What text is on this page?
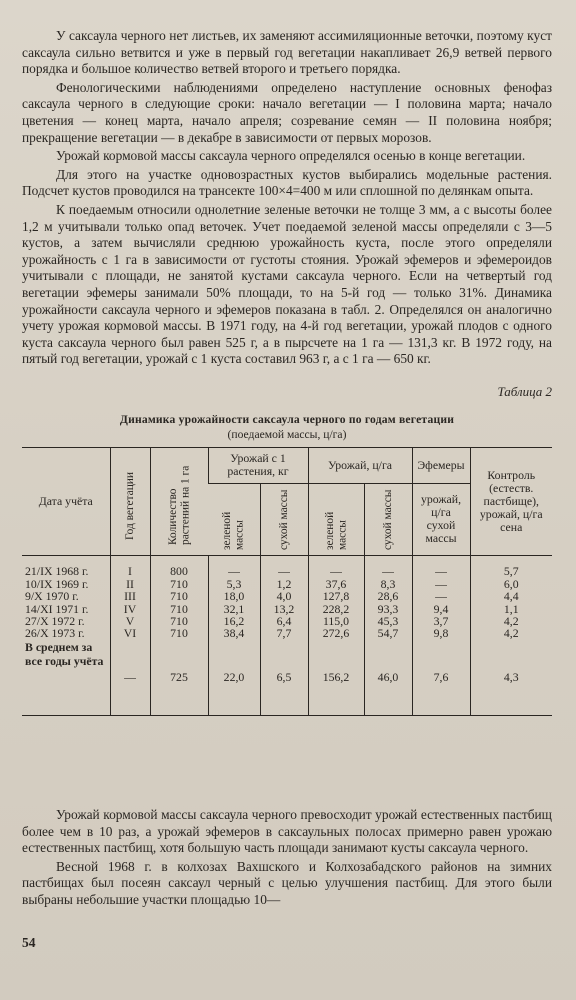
У саксаула черного нет листьев, их заменяют ассимиляционные веточки, поэтому куст саксаула сильно ветвится и уже в первый год вегетации накапливает 26,9 ветвей первого порядка и большое количество ветвей второго и третьего порядка.

Фенологическими наблюдениями определено наступление основных фенофаз саксаула черного в следующие сроки: начало вегетации — I половина марта; начало цветения — конец марта, начало апреля; созревание семян — II половина ноября; прекращение вегетации — в декабре в зависимости от первых морозов.

Урожай кормовой массы саксаула черного определялся осенью в конце вегетации.

Для этого на участке одновозрастных кустов выбирались модельные растения. Подсчет кустов проводился на трансекте 100×4=400 м или сплошной по делянкам опыта.

К поедаемым относили однолетние зеленые веточки не толще 3 мм, а с высоты более 1,2 м учитывали только опад веточек. Учет поедаемой зеленой массы определяли с 3—5 кустов, а затем вычисляли среднюю урожайность куста, после этого определяли урожайность с 1 га в зависимости от густоты стояния. Урожай эфемеров и эфемероидов учитывали с площади, не занятой кустами саксаула черного. Если на четвертый год вегетации эфемеры занимали 50% площади, то на 5-й год — только 31%. Динамика урожайности саксаула черного и эфемеров показана в табл. 2. Определялся он аналогично учету урожая кормовой массы. В 1971 году, на 4-й год вегетации, урожай плодов с одного куста саксаула черного был равен 525 г, а в пырсчете на 1 га — 131,3 кг. В 1972 году, на пятый год вегетации, урожай с 1 куста составил 963 г, а с 1 га — 650 кг.

Таблица 2
Динамика урожайности саксаула черного по годам вегетации
(поедаемой массы, ц/га)
Дата учёта	Год вегетации	Количество растений на 1 га	Урожай с 1 растения, кг		Урожай, ц/га		Эфемеры	Контроль (естеств. пастбище), урожай, ц/га сена

			зеленой массы	сухой массы	зеленой массы	сухой массы	урожай, ц/га сухой массы	

21/IX 1968 г.	I	800	—	—	—	—	—	5,7
10/IX 1969 г.	II	710	5,3	1,2	37,6	8,3	—	6,0
9/X 1970 г.	III	710	18,0	4,0	127,8	28,6	—	4,4
14/XI 1971 г.	IV	710	32,1	13,2	228,2	93,3	9,4	1,1
27/X 1972 г.	V	710	16,2	6,4	115,0	45,3	3,7	4,2
26/X 1973 г.	VI	710	38,4	7,7	272,6	54,7	9,8	4,2
В среднем за все годы учёта	—	725	22,0	6,5	156,2	46,0	7,6	4,3

Урожай кормовой массы саксаула черного превосходит урожай естественных пастбищ более чем в 10 раз, а урожай эфемеров в саксаульных полосах примерно равен урожаю естественных пастбищ, хотя большую часть площади занимают кусты саксаула черного.

Весной 1968 г. в колхозах Вахшского и Колхозабадского районов на зимних пастбищах был посеян саксаул черный с целью улучшения пастбищ. Для этого были выбраны небольшие участки площадью 10—

54
